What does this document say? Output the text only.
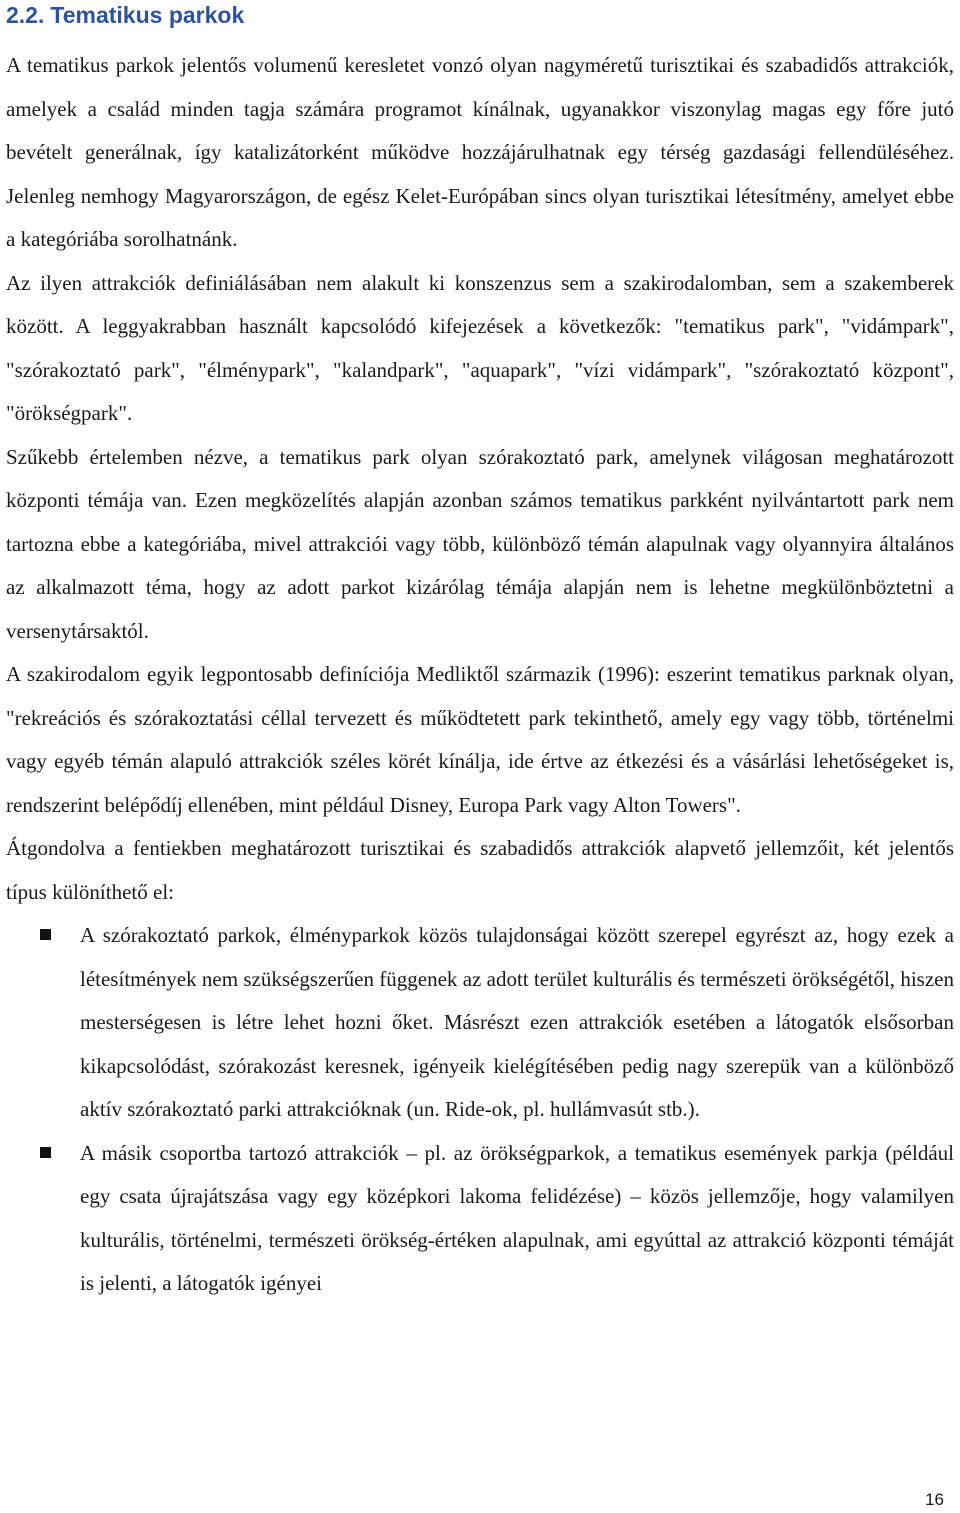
2.2. Tematikus parkok

A tematikus parkok jelentős volumenű keresletet vonzó olyan nagyméretű turisztikai és szabadidős attrakciók, amelyek a család minden tagja számára programot kínálnak, ugyanakkor viszonylag magas egy főre jutó bevételt generálnak, így katalizátorként működve hozzájárulhatnak egy térség gazdasági fellendüléséhez. Jelenleg nemhogy Magyarországon, de egész Kelet-Európában sincs olyan turisztikai létesítmény, amelyet ebbe a kategóriába sorolhatnánk.

Az ilyen attrakciók definiálásában nem alakult ki konszenzus sem a szakirodalomban, sem a szakemberek között. A leggyakrabban használt kapcsolódó kifejezések a következők: "tematikus park", "vidámpark", "szórakoztató park", "élménypark", "kalandpark", "aquapark", "vízi vidámpark", "szórakoztató központ", "örökségpark".

Szűkebb értelemben nézve, a tematikus park olyan szórakoztató park, amelynek világosan meghatározott központi témája van. Ezen megközelítés alapján azonban számos tematikus parkként nyilvántartott park nem tartozna ebbe a kategóriába, mivel attrakciói vagy több, különböző témán alapulnak vagy olyannyira általános az alkalmazott téma, hogy az adott parkot kizárólag témája alapján nem is lehetne megkülönböztetni a versenytársaktól.

A szakirodalom egyik legpontosabb definíciója Medliktől származik (1996): eszerint tematikus parknak olyan, "rekreációs és szórakoztatási céllal tervezett és működtetett park tekinthető, amely egy vagy több, történelmi vagy egyéb témán alapuló attrakciók széles körét kínálja, ide értve az étkezési és a vásárlási lehetőségeket is, rendszerint belépődíj ellenében, mint például Disney, Europa Park vagy Alton Towers".

Átgondolva a fentiekben meghatározott turisztikai és szabadidős attrakciók alapvető jellemzőit, két jelentős típus különíthető el:

A szórakoztató parkok, élményparkok közös tulajdonságai között szerepel egyrészt az, hogy ezek a létesítmények nem szükségszerűen függenek az adott terület kulturális és természeti örökségétől, hiszen mesterségesen is létre lehet hozni őket. Másrészt ezen attrakciók esetében a látogatók elsősorban kikapcsolódást, szórakozást keresnek, igényeik kielégítésében pedig nagy szerepük van a különböző aktív szórakoztató parki attrakcióknak (un. Ride-ok, pl. hullámvasút stb.).
A másik csoportba tartozó attrakciók – pl. az örökségparkok, a tematikus események parkja (például egy csata újrajátszása vagy egy középkori lakoma felidézése) – közös jellemzője, hogy valamilyen kulturális, történelmi, természeti örökség-értéken alapulnak, ami egyúttal az attrakció központi témáját is jelenti, a látogatók igényei
16
